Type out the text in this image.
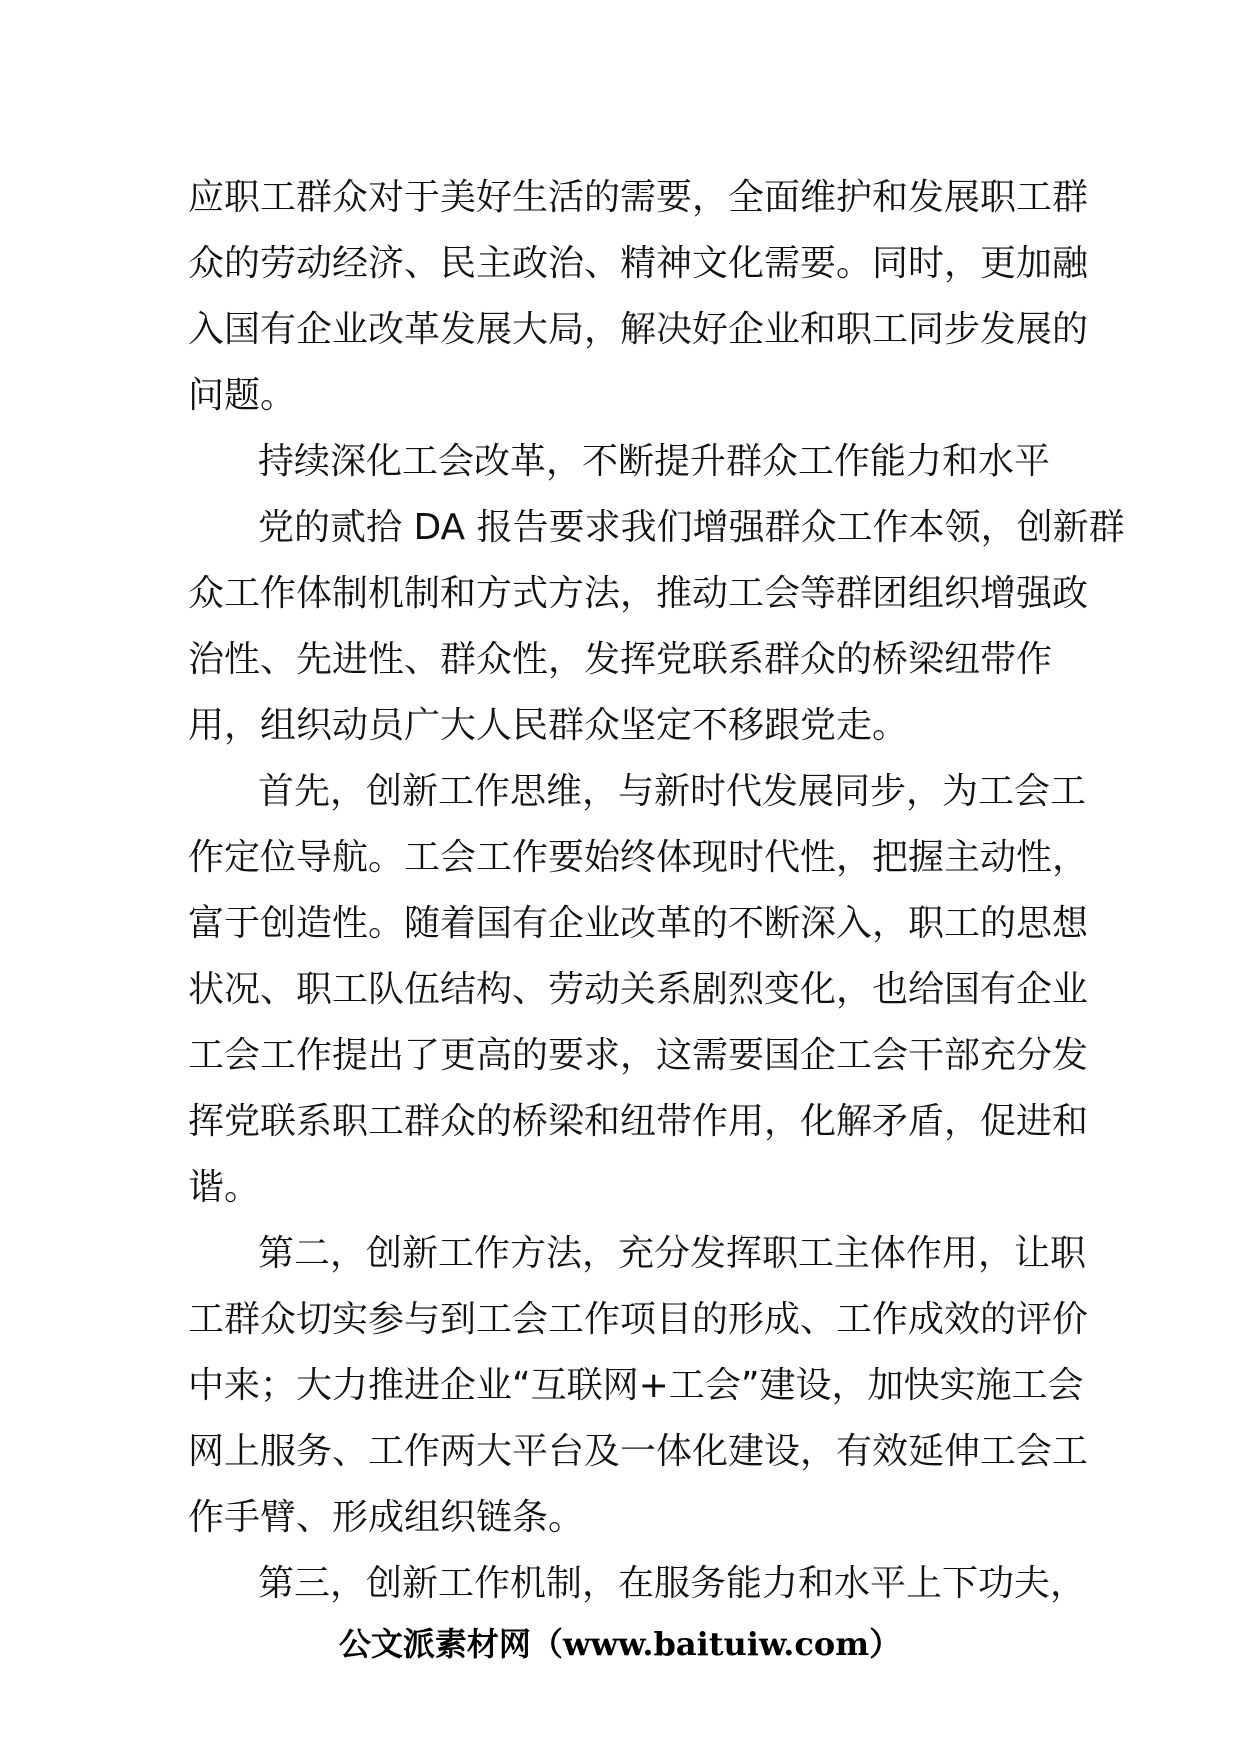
应职工群众对于美好生活的需要，全面维护和发展职工群
众的劳动经济、民主政治、精神文化需要。同时，更加融
入国有企业改革发展大局，解决好企业和职工同步发展的
问题。
持续深化工会改革，不断提升群众工作能力和水平
党的贰拾 DA 报告要求我们增强群众工作本领，创新群
众工作体制机制和方式方法，推动工会等群团组织增强政
治性、先进性、群众性，发挥党联系群众的桥梁纽带作
用，组织动员广大人民群众坚定不移跟党走。
首先，创新工作思维，与新时代发展同步，为工会工
作定位导航。工会工作要始终体现时代性，把握主动性，
富于创造性。随着国有企业改革的不断深入，职工的思想
状况、职工队伍结构、劳动关系剧烈变化，也给国有企业
工会工作提出了更高的要求，这需要国企工会干部充分发
挥党联系职工群众的桥梁和纽带作用，化解矛盾，促进和
谐。
第二，创新工作方法，充分发挥职工主体作用，让职
工群众切实参与到工会工作项目的形成、工作成效的评价
中来；大力推进企业“互联网+工会”建设，加快实施工会
网上服务、工作两大平台及一体化建设，有效延伸工会工
作手臂、形成组织链条。
第三，创新工作机制，在服务能力和水平上下功夫，
公文派素材网（www.baituiw.com）
